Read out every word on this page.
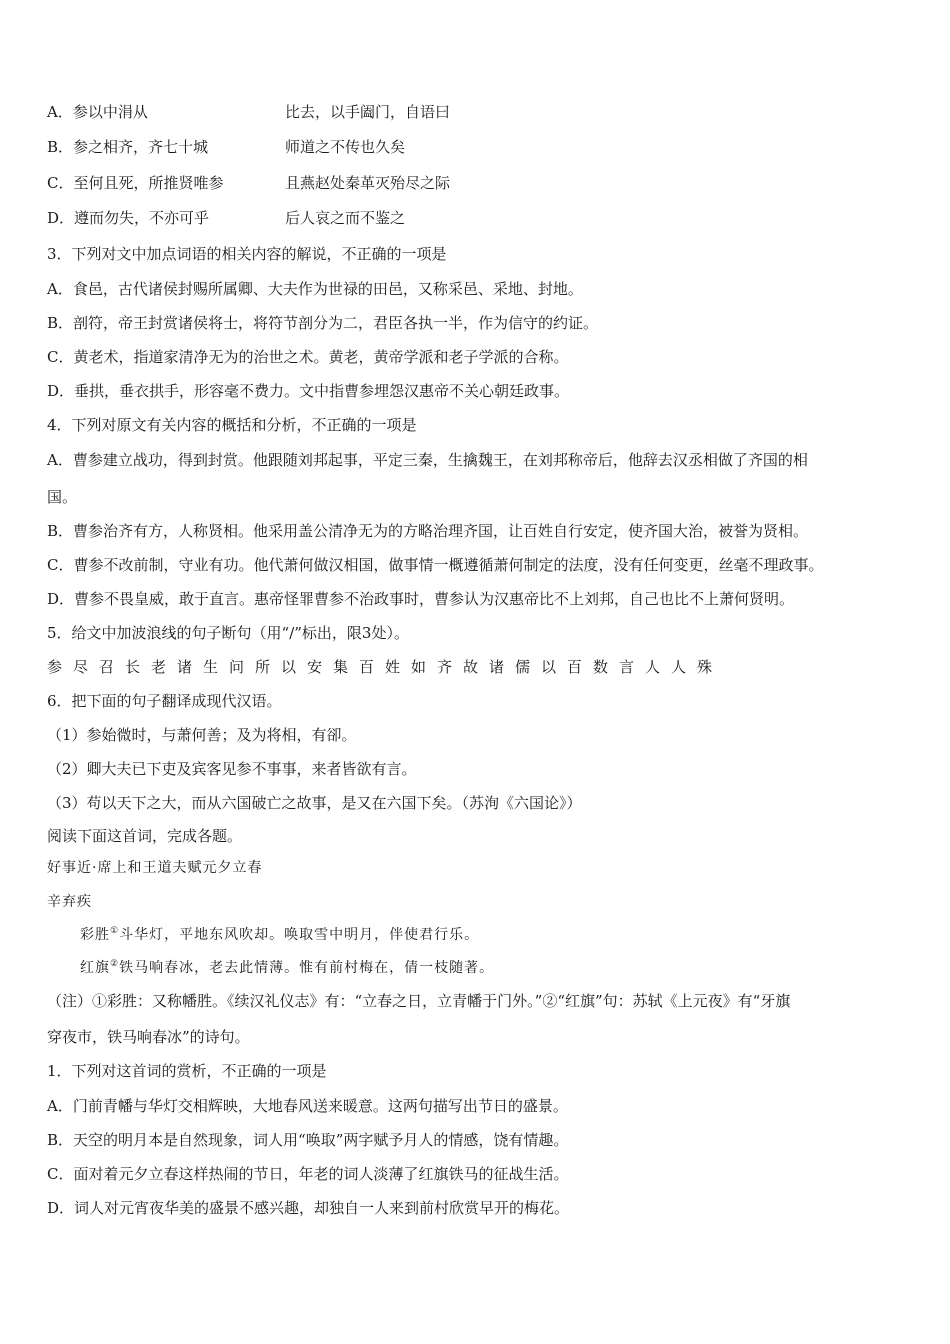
A．参以中涓从	比去，以手阖门，自语曰
B．参之相齐，齐七十城	师道之不传也久矣
C．至何且死，所推贤唯参	且燕赵处秦革灭殆尽之际
D．遵而勿失，不亦可乎	后人哀之而不鉴之
3．下列对文中加点词语的相关内容的解说，不正确的一项是
A．食邑，古代诸侯封赐所属卿、大夫作为世禄的田邑，又称采邑、采地、封地。
B．剖符，帝王封赏诸侯将士，将符节剖分为二，君臣各执一半，作为信守的约证。
C．黄老术，指道家清净无为的治世之术。黄老，黄帝学派和老子学派的合称。
D．垂拱，垂衣拱手，形容毫不费力。文中指曹参埋怨汉惠帝不关心朝廷政事。
4．下列对原文有关内容的概括和分析，不正确的一项是
A．曹参建立战功，得到封赏。他跟随刘邦起事，平定三秦，生擒魏王，在刘邦称帝后，他辞去汉丞相做了齐国的相
国。
B．曹参治齐有方，人称贤相。他采用盖公清净无为的方略治理齐国，让百姓自行安定，使齐国大治，被誉为贤相。
C．曹参不改前制，守业有功。他代萧何做汉相国，做事情一概遵循萧何制定的法度，没有任何变更，丝毫不理政事。
D．曹参不畏皇威，敢于直言。惠帝怪罪曹参不治政事时，曹参认为汉惠帝比不上刘邦，自己也比不上萧何贤明。
5．给文中加波浪线的句子断句（用“/”标出，限3处）。
参尽召长老诸生问所以安集百姓如齐故诸儒以百数言人人殊
6．把下面的句子翻译成现代汉语。
（1）参始微时，与萧何善；及为将相，有卻。
（2）卿大夫已下吏及宾客见参不事事，来者皆欲有言。
（3）苟以天下之大，而从六国破亡之故事，是又在六国下矣。（苏洵《六国论》）
阅读下面这首词，完成各题。
好事近·席上和王道夫赋元夕立春
辛弃疾
彩胜①斗华灯，平地东风吹却。唤取雪中明月，伴使君行乐。
红旗②铁马响春冰，老去此情薄。惟有前村梅在，倩一枝随著。
（注）①彩胜：又称幡胜。《续汉礼仪志》有：“立春之日，立青幡于门外。”②“红旗”句：苏轼《上元夜》有“牙旗
穿夜市，铁马响春冰”的诗句。
1．下列对这首词的赏析，不正确的一项是
A．门前青幡与华灯交相辉映，大地春风送来暖意。这两句描写出节日的盛景。
B．天空的明月本是自然现象，词人用“唤取”两字赋予月人的情感，饶有情趣。
C．面对着元夕立春这样热闹的节日，年老的词人淡薄了红旗铁马的征战生活。
D．词人对元宵夜华美的盛景不感兴趣，却独自一人来到前村欣赏早开的梅花。
